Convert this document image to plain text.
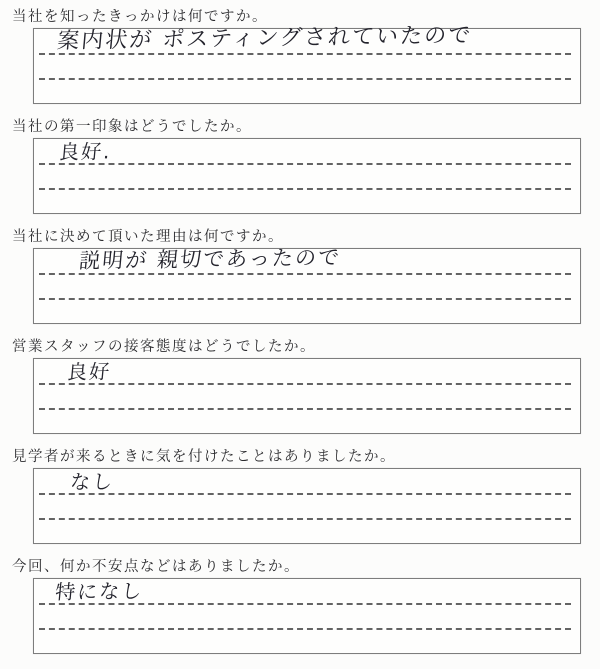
当社を知ったきっかけは何ですか。
案内状が ポスティングされていたので
当社の第一印象はどうでしたか。
良好.
当社に決めて頂いた理由は何ですか。
説明が 親切であったので
営業スタッフの接客態度はどうでしたか。
良好
見学者が来るときに気を付けたことはありましたか。
なし
今回、何か不安点などはありましたか。
特になし
